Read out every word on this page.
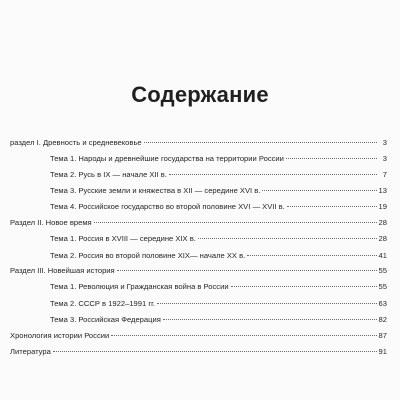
Содержание
раздел I. Древность и средневековье	3
Тема 1. Народы и древнейшие государства на территории России	3
Тема 2. Русь в IX — начале XII в.	7
Тема 3. Русские земли и княжества в XII — середине XVI в.	13
Тема 4. Российское государство во второй половине XVI — XVII в.	19
Раздел II. Новое время	28
Тема 1. Россия в XVIII — середине XIX в.	28
Тема 2. Россия во второй половине XIX— начале XX в.	41
Раздел III. Новейшая история	55
Тема 1. Революция и Гражданская война в России	55
Тема 2. СССР в 1922–1991 гг.	63
Тема 3. Российская Федерация	82
Хронология истории России	87
Литература	91
